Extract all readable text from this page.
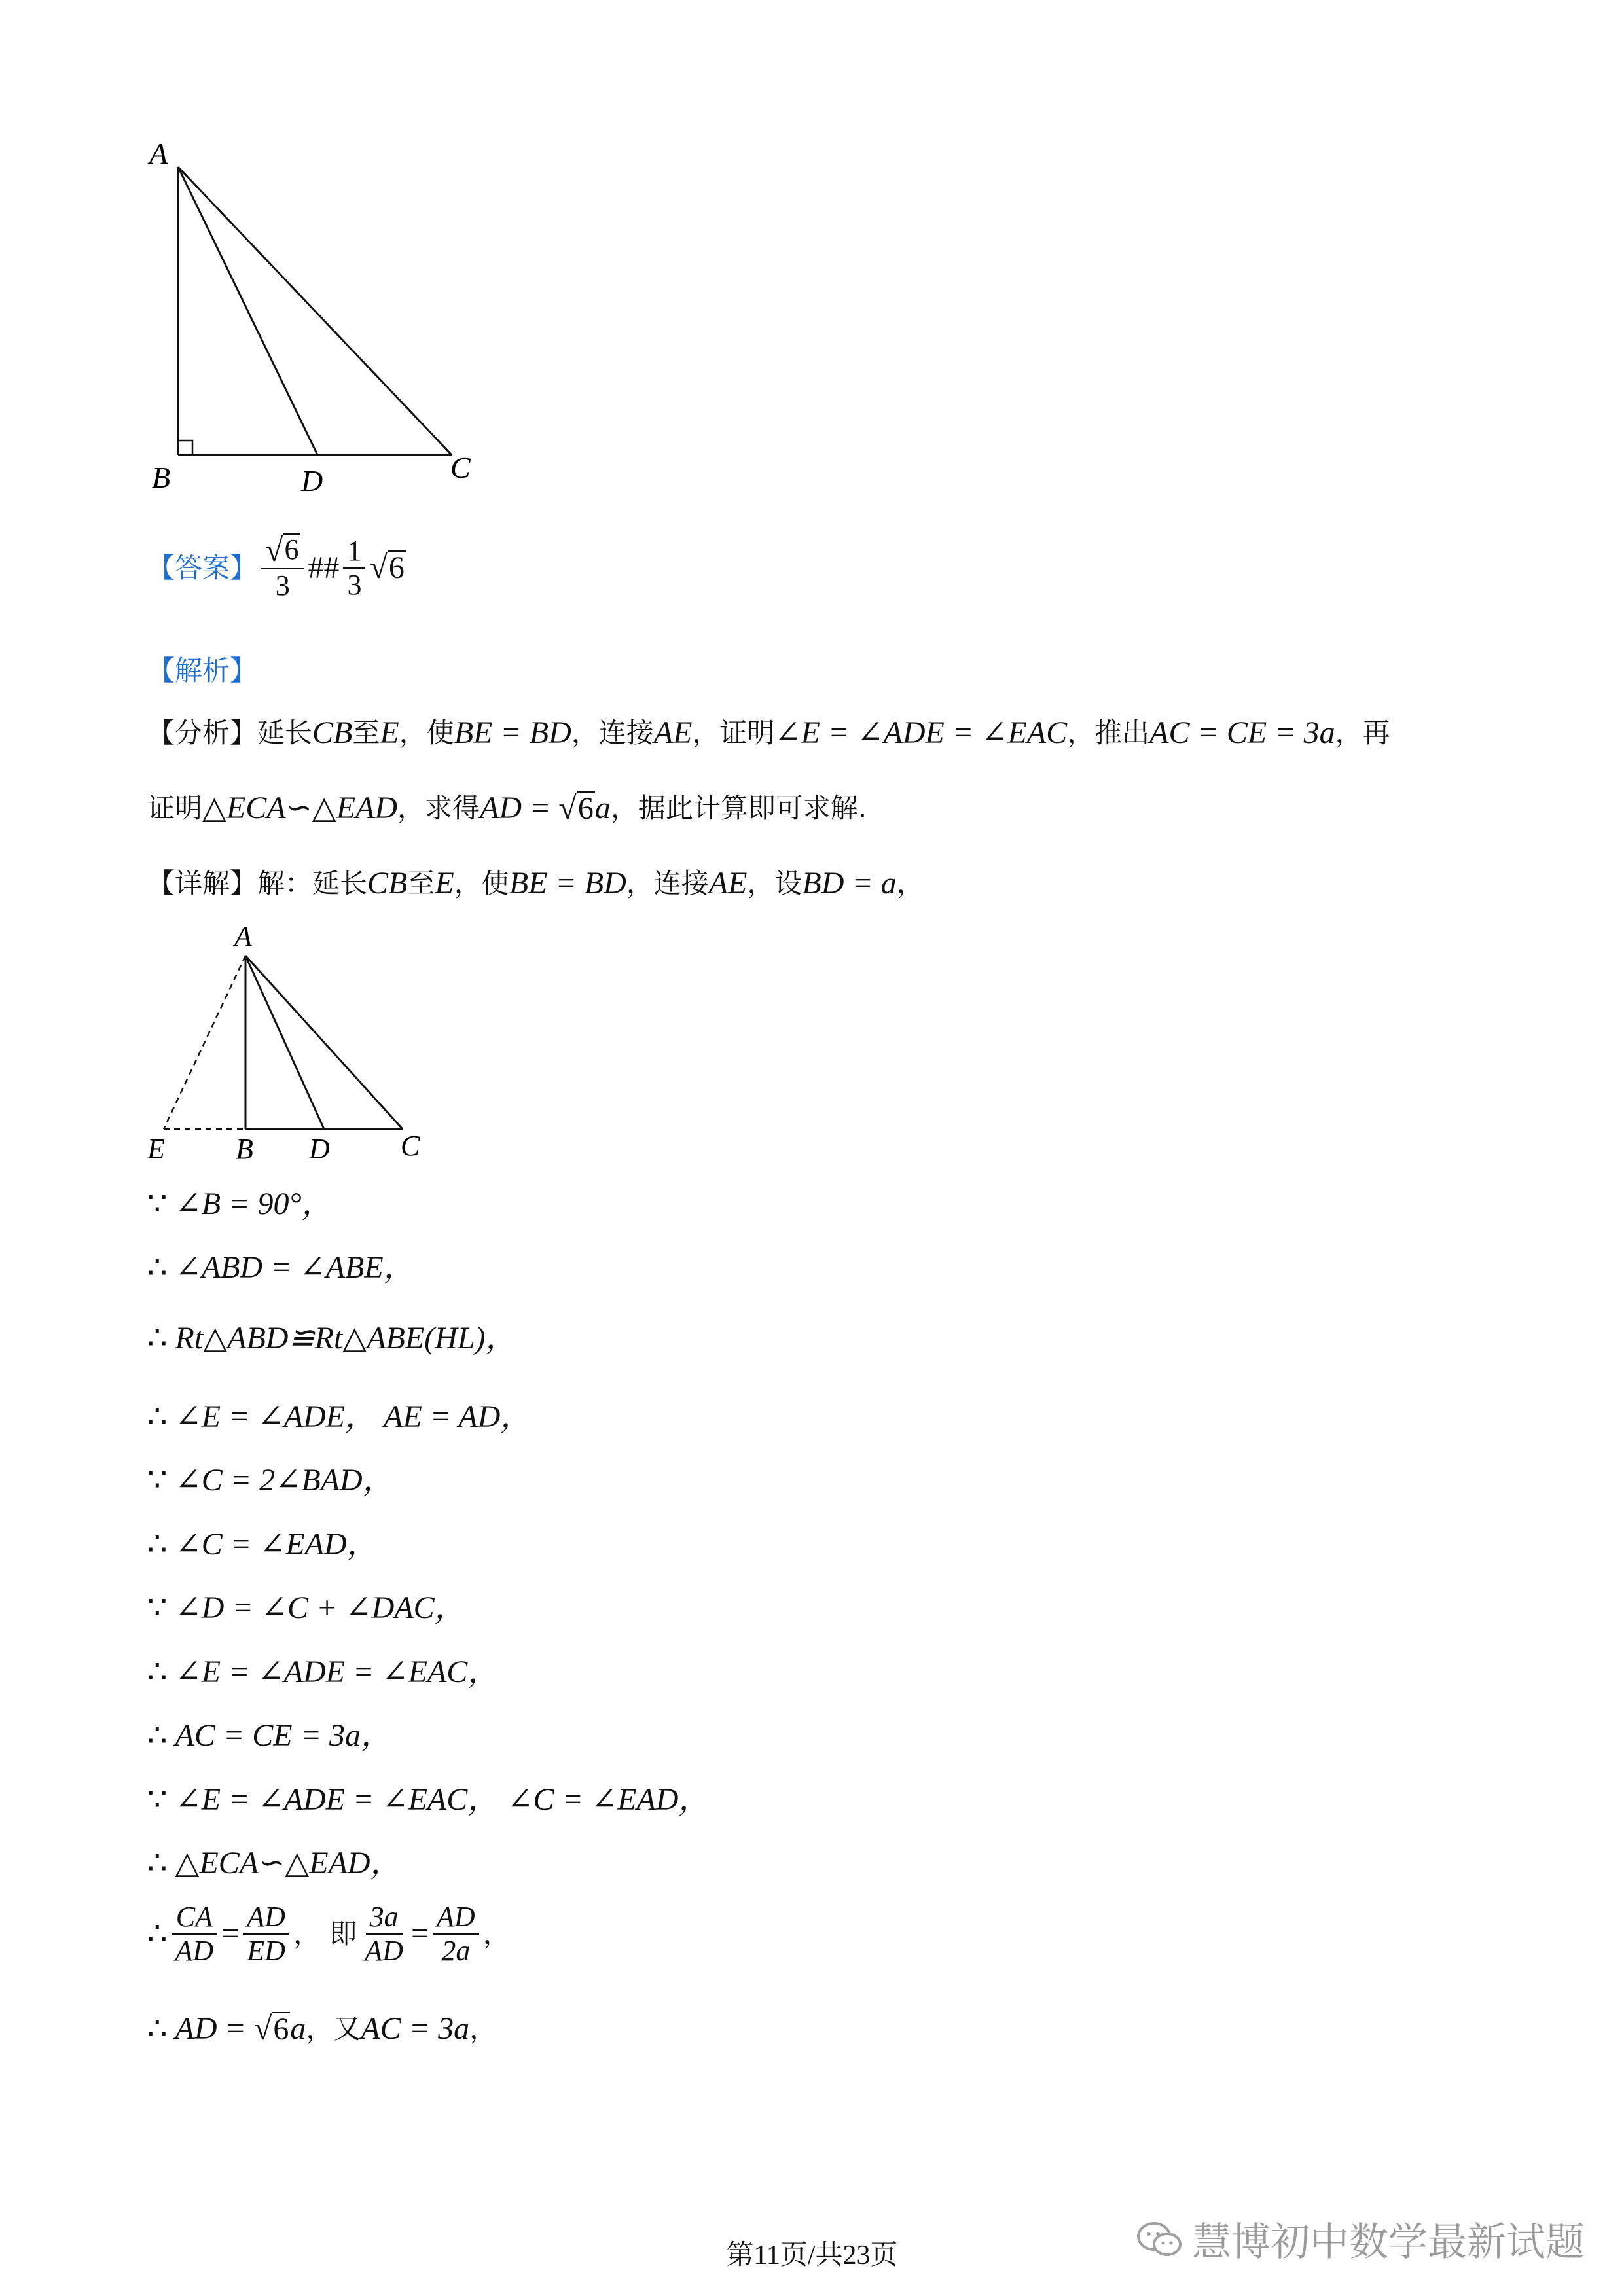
A
B	D	C
【答案】 $\frac{√ 6}{3}$ ## $\frac{1}{3}$ √ 6
【解析】
【分析】 延长 CB 至 E ，使 BE = BD ，连接 AE ，证明 ∠E = ∠ADE = ∠EAC ，推出 AC = CE = 3a ，再
证明 △ECA∽△EAD ，求得 AD =
√ 6 a ，据此计算即可求解.
【详解】 解：延长 CB 至 E ，使 BE = BD ，连接 AE ，设 BD = a ，
A
E B D C
∵
∠B = 90°，
∴
∠ABD = ∠ABE，
∴
Rt△ABD≌Rt△ABE(HL)，
∴
∠E = ∠ADE， AE = AD，
∵
∠C = 2∠BAD，
∴
∠C = ∠EAD，
∵
∠D = ∠C + ∠DAC，
∴
∠E = ∠ADE = ∠EAC，
∴
AC = CE = 3a，
∵
∠E = ∠ADE = ∠EAC， ∠C = ∠EAD，
∴
△ECA∽△EAD，
∴ $\frac{CA}{AD} = \frac{AD}{ED}$ ， 即 $\frac{3a}{AD} = \frac{AD}{2a}$ ，
∴
AD =
√ 6 a ，又 AC = 3a ，
第11页/共23页	慧博初中数学最新试题
